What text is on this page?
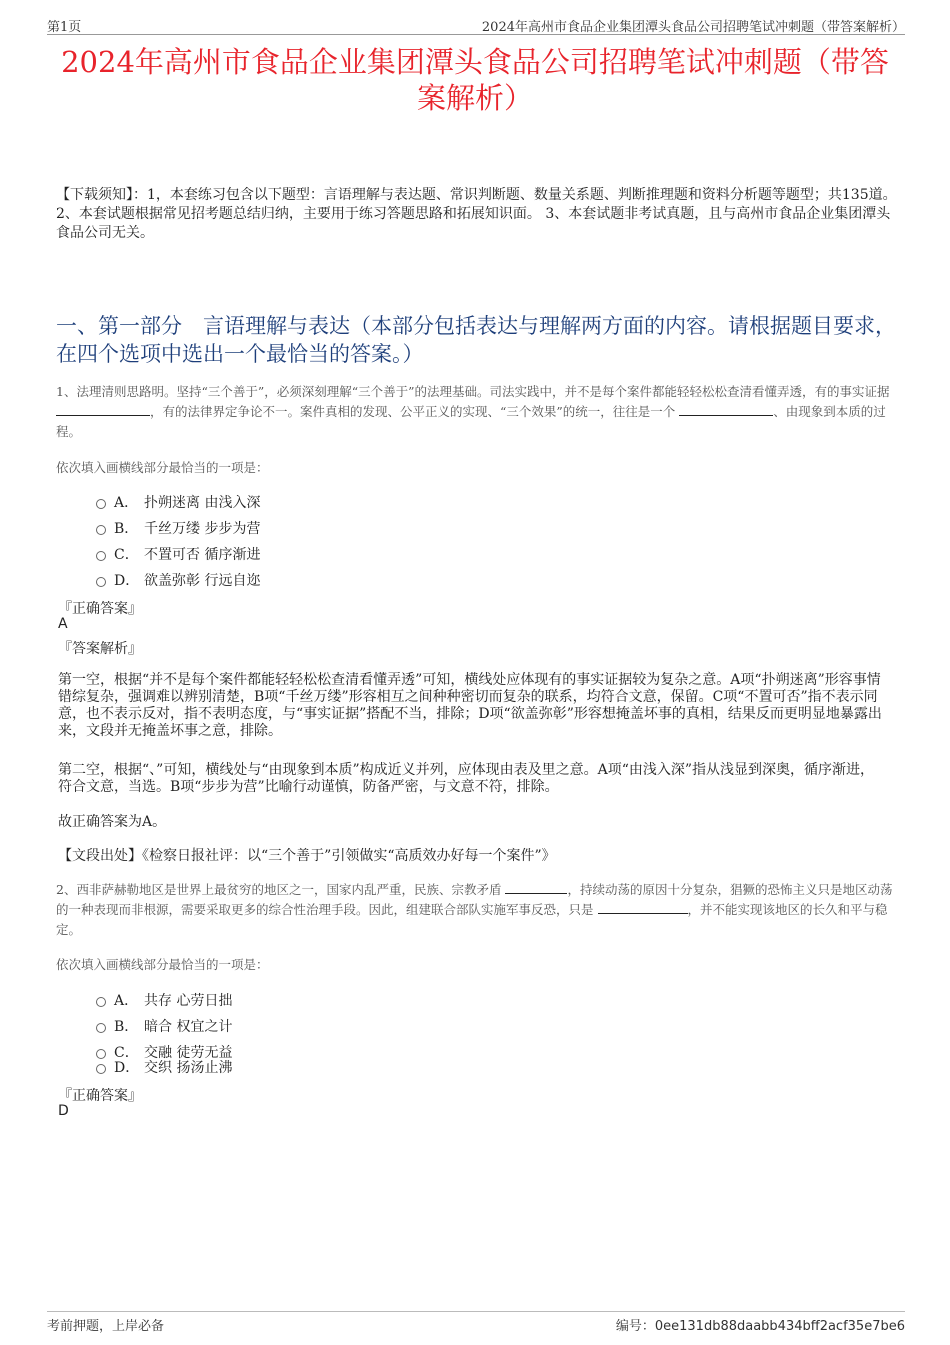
第1页	2024年高州市食品企业集团潭头食品公司招聘笔试冲刺题（带答案解析）
2024年高州市食品企业集团潭头食品公司招聘笔试冲刺题（带答案解析）
【下载须知】：1，本套练习包含以下题型：言语理解与表达题、常识判断题、数量关系题、判断推理题和资料分析题等题型；共135道。 2、本套试题根据常见招考题总结归纳，主要用于练习答题思路和拓展知识面。 3、本套试题非考试真题，且与高州市食品企业集团潭头食品公司无关。
一、第一部分　言语理解与表达（本部分包括表达与理解两方面的内容。请根据题目要求，在四个选项中选出一个最恰当的答案。）
1、法理清则思路明。坚持“三个善于”，必须深刻理解“三个善于”的法理基础。司法实践中，并不是每个案件都能轻轻松松查清看懂弄透，有的事实证据 ，有的法律界定争论不一。案件真相的发现、公平正义的实现、“三个效果”的统一，往往是一个	、由现象到本质的过程。
依次填入画横线部分最恰当的一项是：
A． 扑朔迷离 由浅入深
B． 千丝万缕 步步为营
C． 不置可否 循序渐进
D． 欲盖弥彰 行远自迩
『正确答案』
A
『答案解析』
第一空，根据“并不是每个案件都能轻轻松松查清看懂弄透”可知，横线处应体现有的事实证据较为复杂之意。A项“扑朔迷离”形容事情错综复杂，强调难以辨别清楚，B项“千丝万缕”形容相互之间种种密切而复杂的联系，均符合文意，保留。C项“不置可否”指不表示同意，也不表示反对，指不表明态度，与“事实证据”搭配不当，排除；D项“欲盖弥彰”形容想掩盖坏事的真相，结果反而更明显地暴露出来，文段并无掩盖坏事之意，排除。
第二空，根据“、”可知，横线处与“由现象到本质”构成近义并列，应体现由表及里之意。A项“由浅入深”指从浅显到深奥，循序渐进，符合文意，当选。B项“步步为营”比喻行动谨慎，防备严密，与文意不符，排除。
故正确答案为A。
【文段出处】《检察日报社评：以“三个善于”引领做实“高质效办好每一个案件”》
2、西非萨赫勒地区是世界上最贫穷的地区之一，国家内乱严重，民族、宗教矛盾	，持续动荡的原因十分复杂，猖獗的恐怖主义只是地区动荡的一种表现而非根源，需要采取更多的综合性治理手段。因此，组建联合部队实施军事反恐，只是	，并不能实现该地区的长久和平与稳定。
依次填入画横线部分最恰当的一项是：
A． 共存 心劳日拙
B． 暗合 权宜之计
C． 交融 徒劳无益
D． 交织 扬汤止沸
『正确答案』
D
考前押题，上岸必备	编号：0ee131db88daabb434bff2acf35e7be6
